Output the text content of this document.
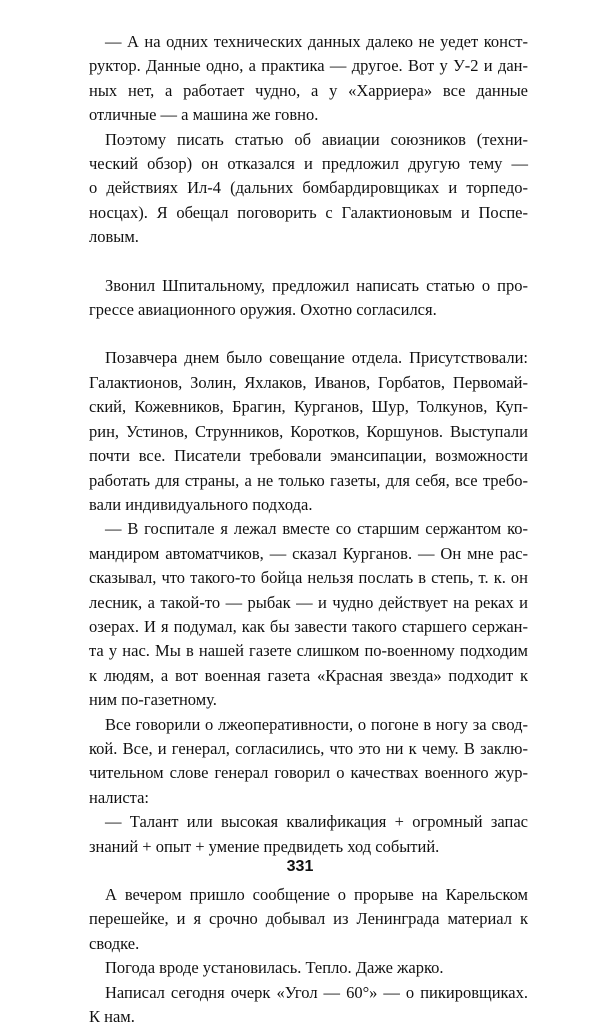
— А на одних технических данных далеко не уедет конст-
руктор. Данные одно, а практика — другое. Вот у У-2 и дан-
ных нет, а работает чудно, а у «Харриера» все данные
отличные — а машина же говно.
Поэтому писать статью об авиации союзников (техни-
ческий обзор) он отказался и предложил другую тему —
о действиях Ил-4 (дальних бомбардировщиках и торпедо-
носцах). Я обещал поговорить с Галактионовым и Поспе-
ловым.
Звонил Шпитальному, предложил написать статью о про-
грессе авиационного оружия. Охотно согласился.
Позавчера днем было совещание отдела. Присутствовали:
Галактионов, Золин, Яхлаков, Иванов, Горбатов, Первомай-
ский, Кожевников, Брагин, Курганов, Шур, Толкунов, Куп-
рин, Устинов, Струнников, Коротков, Коршунов. Выступали
почти все. Писатели требовали эмансипации, возможности
работать для страны, а не только газеты, для себя, все требо-
вали индивидуального подхода.
— В госпитале я лежал вместе со старшим сержантом ко-
мандиром автоматчиков, — сказал Курганов. — Он мне рас-
сказывал, что такого-то бойца нельзя послать в степь, т. к. он
лесник, а такой-то — рыбак — и чудно действует на реках и
озерах. И я подумал, как бы завести такого старшего сержан-
та у нас. Мы в нашей газете слишком по-военному подходим
к людям, а вот военная газета «Красная звезда» подходит к
ним по-газетному.
Все говорили о лжеоперативности, о погоне в ногу за свод-
кой. Все, и генерал, согласились, что это ни к чему. В заклю-
чительном слове генерал говорил о качествах военного жур-
налиста:
— Талант или высокая квалификация + огромный запас
знаний + опыт + умение предвидеть ход событий.
А вечером пришло сообщение о прорыве на Карельском
перешейке, и я срочно добывал из Ленинграда материал к
сводке.
Погода вроде установилась. Тепло. Даже жарко.
Написал сегодня очерк «Угол — 60°» — о пикировщиках.
К нам.
331
